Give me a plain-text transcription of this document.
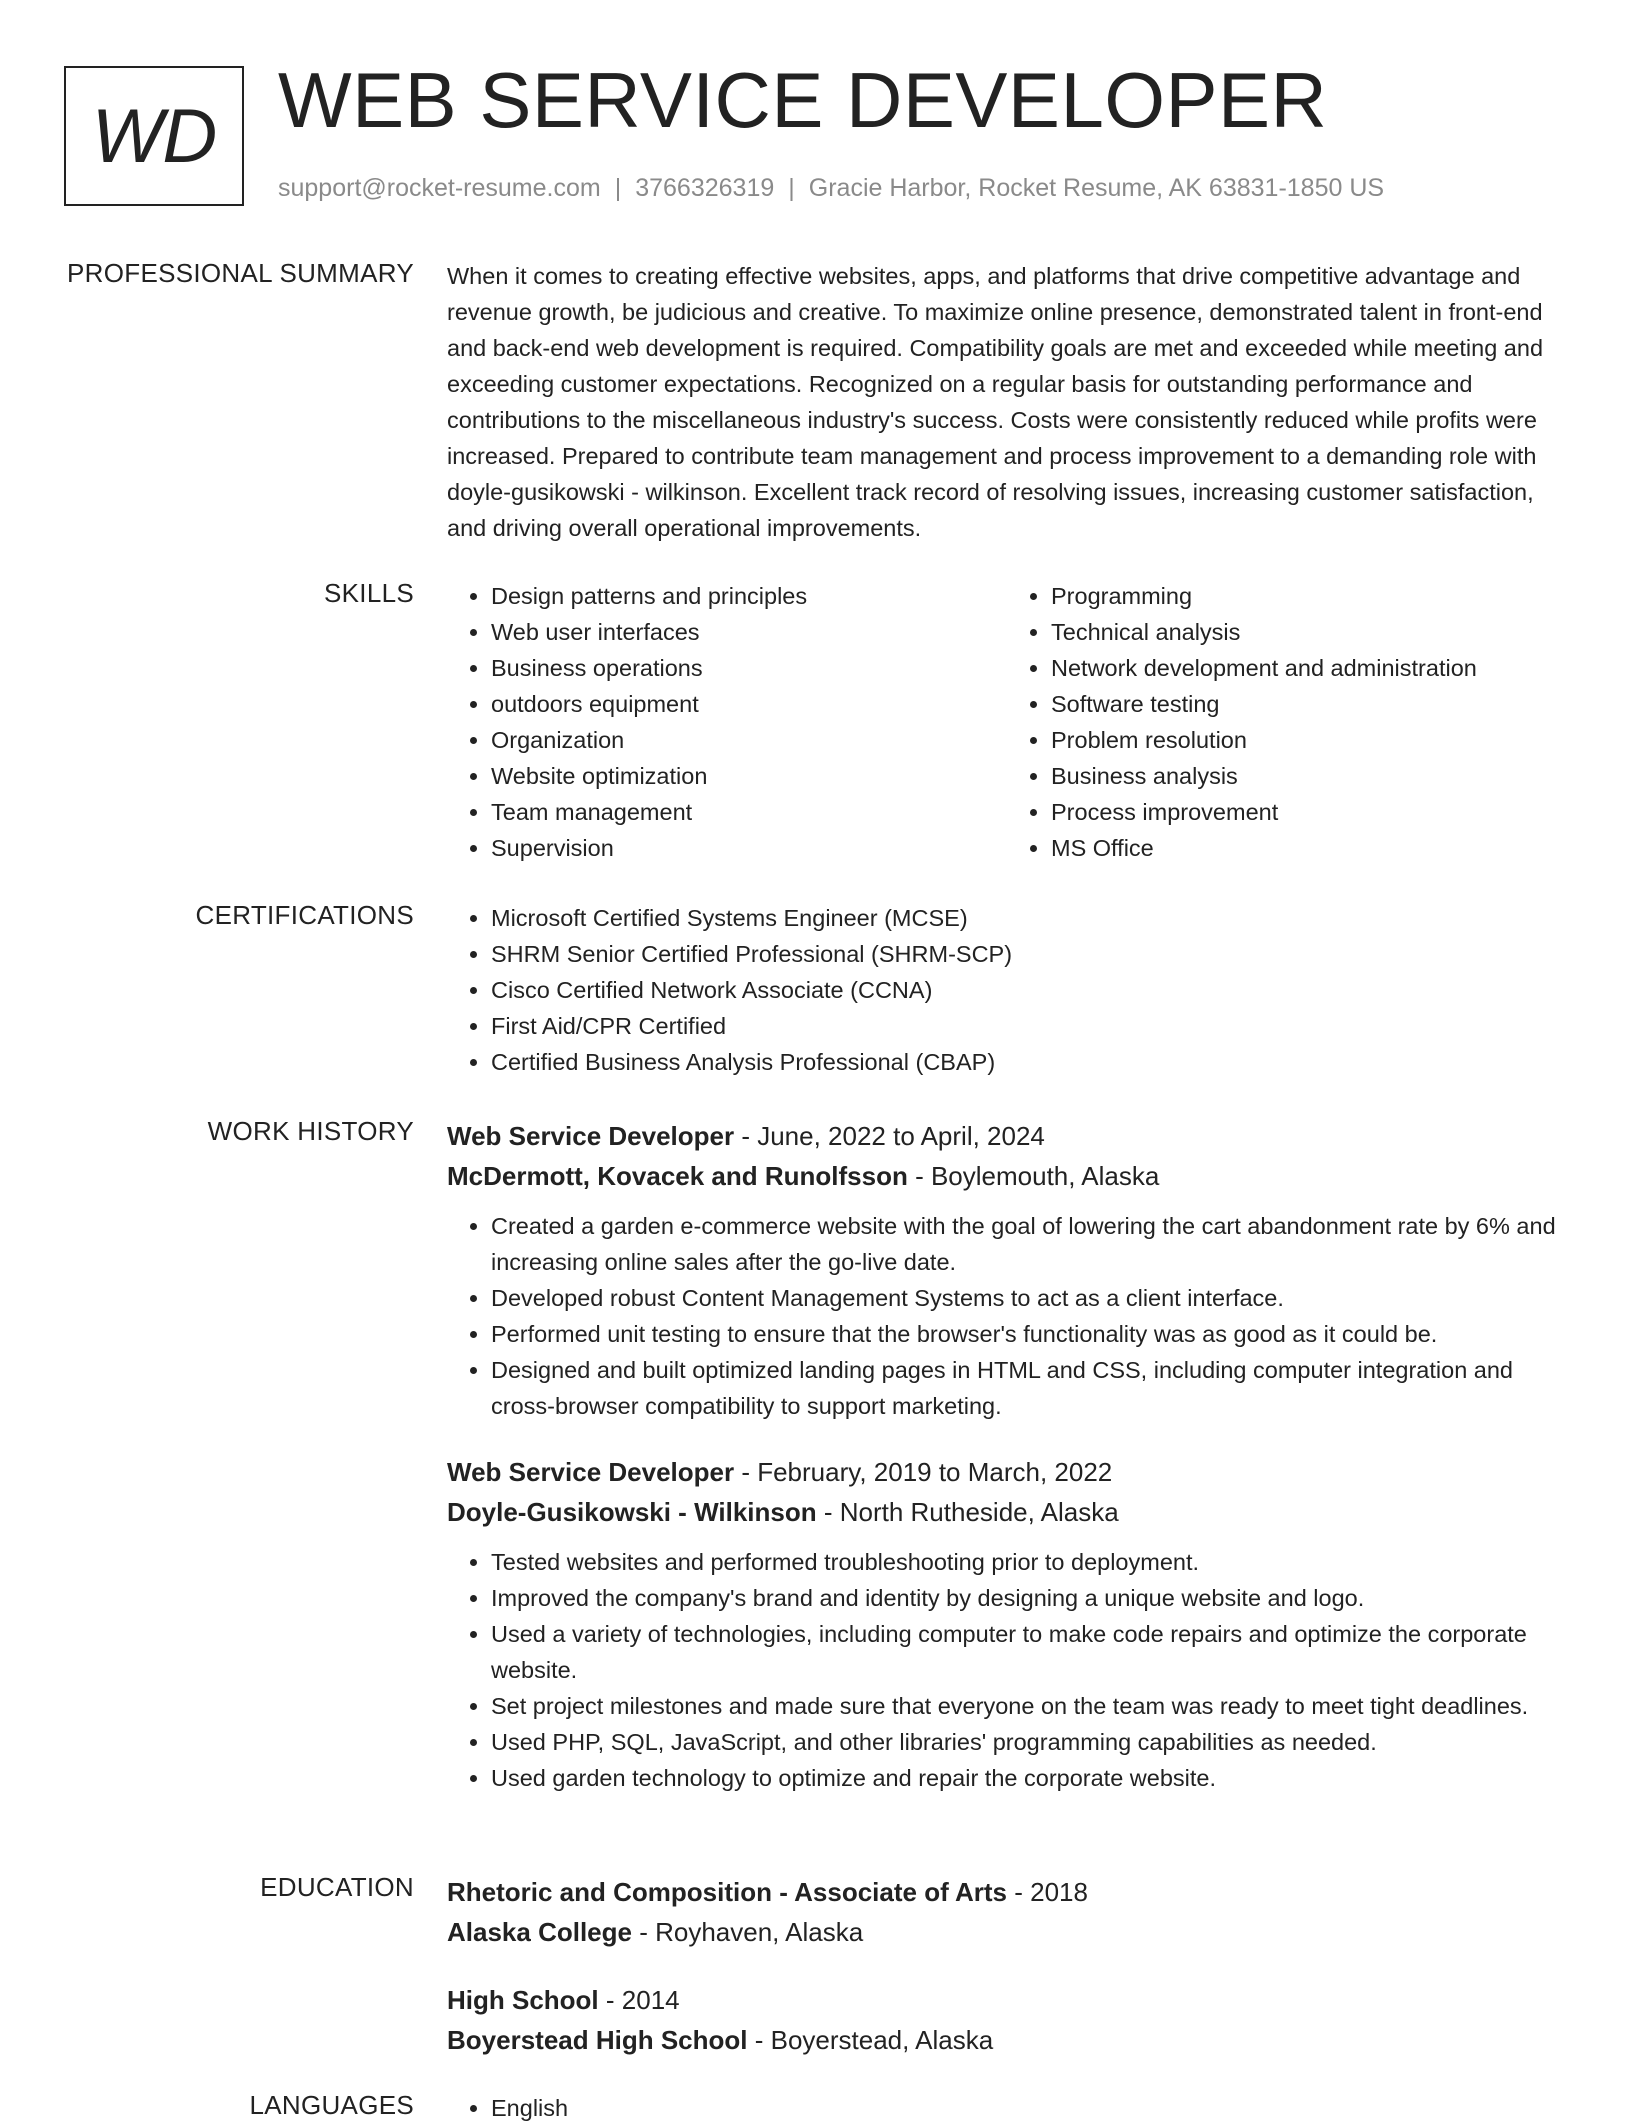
WD WEB SERVICE DEVELOPER
support@rocket-resume.com | 3766326319 | Gracie Harbor, Rocket Resume, AK 63831-1850 US
PROFESSIONAL SUMMARY When it comes to creating effective websites, apps, and platforms that drive competitive advantage and revenue growth, be judicious and creative. To maximize online presence, demonstrated talent in front-end and back-end web development is required. Compatibility goals are met and exceeded while meeting and exceeding customer expectations. Recognized on a regular basis for outstanding performance and contributions to the miscellaneous industry's success. Costs were consistently reduced while profits were increased. Prepared to contribute team management and process improvement to a demanding role with doyle-gusikowski - wilkinson. Excellent track record of resolving issues, increasing customer satisfaction, and driving overall operational improvements.
SKILLS	• Design patterns and principles
• Web user interfaces
• Business operations
• outdoors equipment
• Organization
• Website optimization
• Team management
• Supervision
• Programming
• Technical analysis
• Network development and administration
• Software testing
• Problem resolution
• Business analysis
• Process improvement
• MS Office
CERTIFICATIONS	• Microsoft Certified Systems Engineer (MCSE)
• SHRM Senior Certified Professional (SHRM-SCP)
• Cisco Certified Network Associate (CCNA)
• First Aid/CPR Certified
• Certified Business Analysis Professional (CBAP)
WORK HISTORY Web Service Developer - June, 2022 to April, 2024
McDermott, Kovacek and Runolfsson - Boylemouth, Alaska
• Created a garden e-commerce website with the goal of lowering the cart abandonment rate by 6% and increasing online sales after the go-live date.
• Developed robust Content Management Systems to act as a client interface.
• Performed unit testing to ensure that the browser's functionality was as good as it could be.
• Designed and built optimized landing pages in HTML and CSS, including computer integration and cross-browser compatibility to support marketing.
Web Service Developer - February, 2019 to March, 2022
Doyle-Gusikowski - Wilkinson - North Rutheside, Alaska
• Tested websites and performed troubleshooting prior to deployment.
• Improved the company's brand and identity by designing a unique website and logo.
• Used a variety of technologies, including computer to make code repairs and optimize the corporate website.
• Set project milestones and made sure that everyone on the team was ready to meet tight deadlines.
• Used PHP, SQL, JavaScript, and other libraries' programming capabilities as needed.
• Used garden technology to optimize and repair the corporate website.
EDUCATION Rhetoric and Composition - Associate of Arts - 2018
Alaska College - Royhaven, Alaska
High School - 2014
Boyerstead High School - Boyerstead, Alaska
LANGUAGES	• English
